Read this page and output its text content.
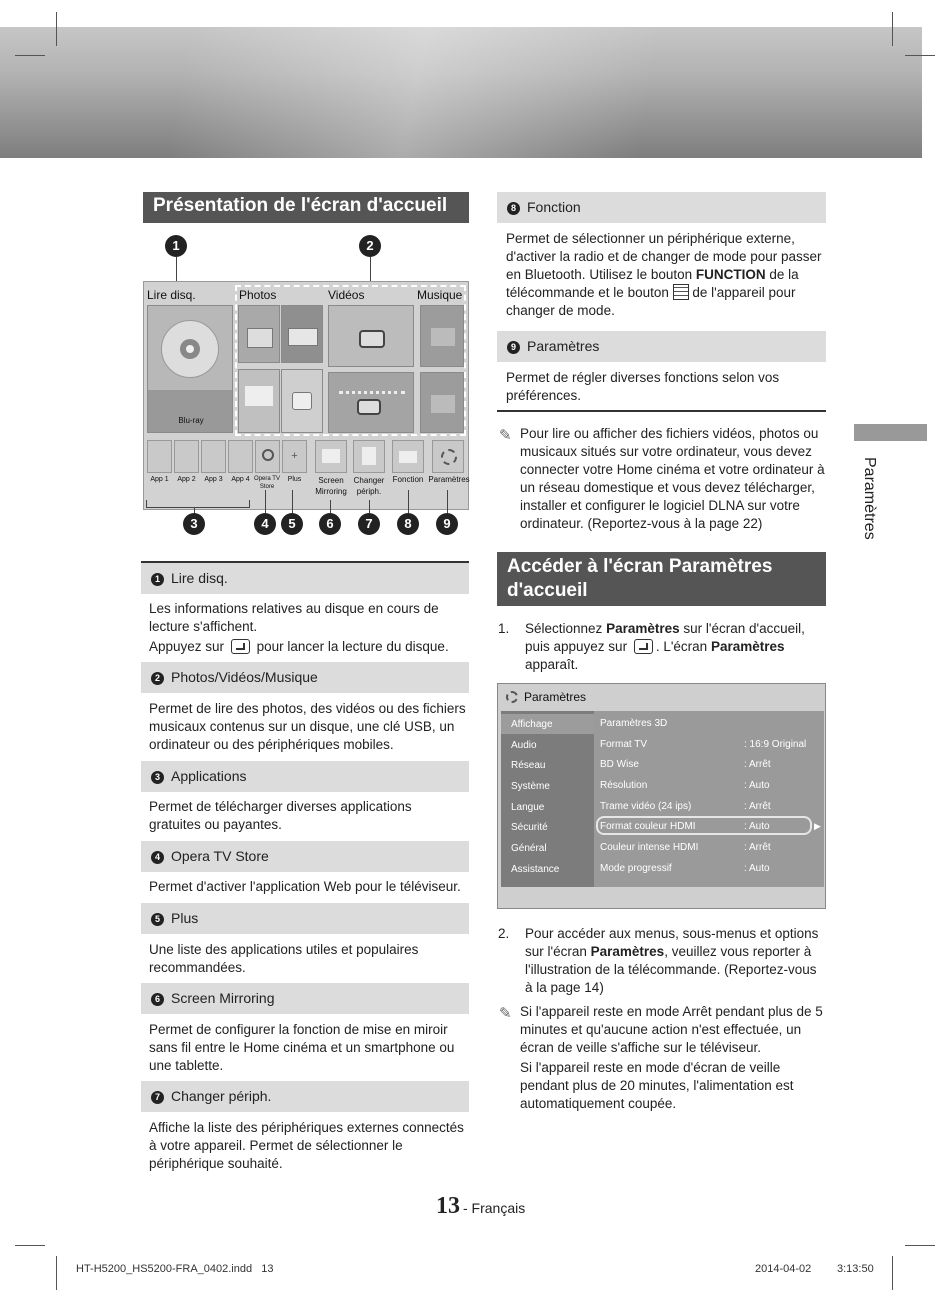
Paramètres
Présentation de l'écran d'accueil
1	2
Lire disq.	Photos	Vidéos	Musique
Blu-ray
+
App 1	App 2	App 3	App 4 Opera TV Store
Plus	Screen Mirroring
Changer périph.
Fonction Paramètres
3	4	5	6	7	8	9
1 Lire disq.
Les informations relatives au disque en cours de lecture s'affichent.
Appuyez sur pour lancer la lecture du disque.
2 Photos/Vidéos/Musique
Permet de lire des photos, des vidéos ou des fichiers musicaux contenus sur un disque, une clé USB, un ordinateur ou des périphériques mobiles.
3 Applications
Permet de télécharger diverses applications gratuites ou payantes.
4 Opera TV Store
Permet d'activer l'application Web pour le téléviseur.
5 Plus
Une liste des applications utiles et populaires recommandées.
6 Screen Mirroring
Permet de configurer la fonction de mise en miroir sans fil entre le Home cinéma et un smartphone ou une tablette.
7 Changer périph.
Affiche la liste des périphériques externes connectés à votre appareil. Permet de sélectionner le périphérique souhaité.
8 Fonction
Permet de sélectionner un périphérique externe, d'activer la radio et de changer de mode pour passer en Bluetooth. Utilisez le bouton FUNCTION de la télécommande et le bouton de l'appareil pour changer de mode.
9 Paramètres
Permet de régler diverses fonctions selon vos préférences.
✎ Pour lire ou afficher des fichiers vidéos, photos ou musicaux situés sur votre ordinateur, vous devez connecter votre Home cinéma et votre ordinateur à un réseau domestique et vous devez télécharger, installer et configurer le logiciel DLNA sur votre ordinateur. (Reportez-vous à la page 22)
Accéder à l'écran Paramètres d'accueil
1. Sélectionnez Paramètres sur l'écran d'accueil, puis appuyez sur . L'écran Paramètres apparaît.
Paramètres
Affichage
Audio
Réseau
Système
Langue
Sécurité
Général
Assistance
Paramètres 3D
Format TV	: 16:9 Original
BD Wise	: Arrêt
Résolution	: Auto
Trame vidéo (24 ips)	: Arrêt
Format couleur HDMI	: Auto	▶
Couleur intense HDMI	: Arrêt
Mode progressif	: Auto
2. Pour accéder aux menus, sous-menus et options sur l'écran Paramètres, veuillez vous reporter à l'illustration de la télécommande. (Reportez-vous à la page 14)
✎ Si l'appareil reste en mode Arrêt pendant plus de 5 minutes et qu'aucune action n'est effectuée, un écran de veille s'affiche sur le téléviseur.
Si l'appareil reste en mode d'écran de veille pendant plus de 20 minutes, l'alimentation est automatiquement coupée.
13 - Français
HT-H5200_HS5200-FRA_0402.indd   13	2014-04-02 3:13:50
